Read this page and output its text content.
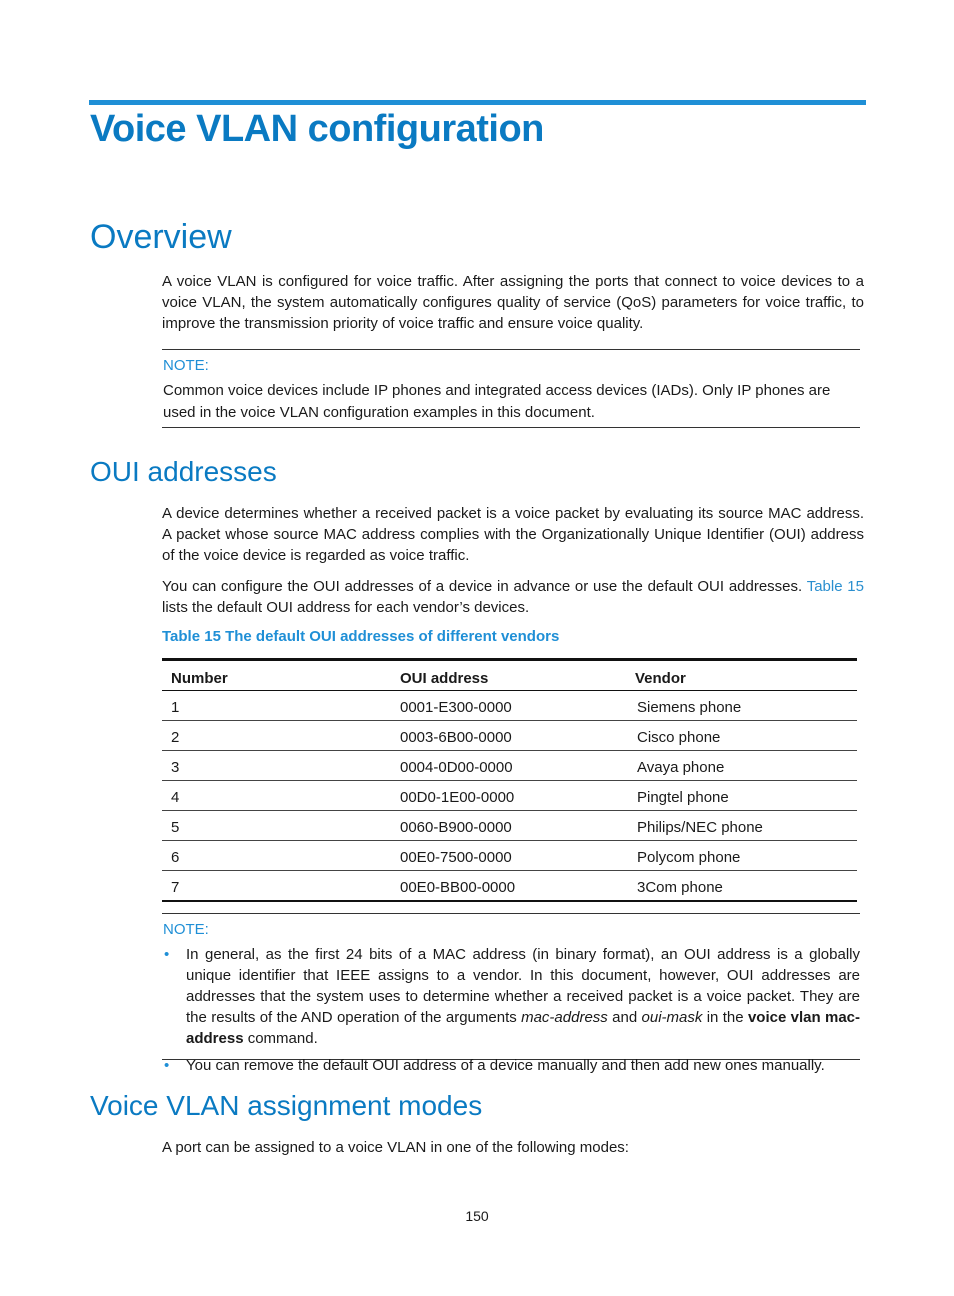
Voice VLAN configuration
Overview
A voice VLAN is configured for voice traffic. After assigning the ports that connect to voice devices to a voice VLAN, the system automatically configures quality of service (QoS) parameters for voice traffic, to improve the transmission priority of voice traffic and ensure voice quality.
NOTE:
Common voice devices include IP phones and integrated access devices (IADs). Only IP phones are used in the voice VLAN configuration examples in this document.
OUI addresses
A device determines whether a received packet is a voice packet by evaluating its source MAC address. A packet whose source MAC address complies with the Organizationally Unique Identifier (OUI) address of the voice device is regarded as voice traffic.
You can configure the OUI addresses of a device in advance or use the default OUI addresses. Table 15 lists the default OUI address for each vendor’s devices.
Table 15 The default OUI addresses of different vendors
Number	OUI address	Vendor
1	0001-E300-0000	Siemens phone
2	0003-6B00-0000	Cisco phone
3	0004-0D00-0000	Avaya phone
4	00D0-1E00-0000	Pingtel phone
5	0060-B900-0000	Philips/NEC phone
6	00E0-7500-0000	Polycom phone
7	00E0-BB00-0000	3Com phone
NOTE:
• In general, as the first 24 bits of a MAC address (in binary format), an OUI address is a globally unique identifier that IEEE assigns to a vendor. In this document, however, OUI addresses are addresses that the system uses to determine whether a received packet is a voice packet. They are the results of the AND operation of the arguments mac-address and oui-mask in the voice vlan mac-address command.
• You can remove the default OUI address of a device manually and then add new ones manually.
Voice VLAN assignment modes
A port can be assigned to a voice VLAN in one of the following modes:
150
